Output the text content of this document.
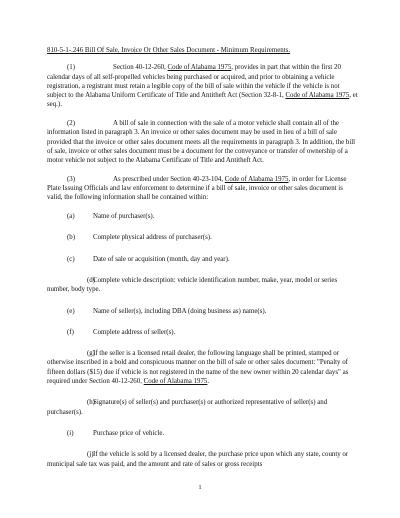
810-5-1-.246 Bill Of Sale, Invoice Or Other Sales Document - Minimum Requirements.
(1)	Section 40-12-260, Code of Alabama 1975, provides in part that within the first 20 calendar days of all self-propelled vehicles being purchased or acquired, and prior to obtaining a vehicle registration, a registrant must retain a legible copy of the bill of sale within the vehicle if the vehicle is not subject to the Alabama Uniform Certificate of Title and Antitheft Act (Section 32-8-1, Code of Alabama 1975, et seq.).
(2)	A bill of sale in connection with the sale of a motor vehicle shall contain all of the information listed in paragraph 3. An invoice or other sales document may be used in lieu of a bill of sale provided that the invoice or other sales document meets all the requirements in paragraph 3. In addition, the bill of sale, invoice or other sales document must be a document for the conveyance or transfer of ownership of a motor vehicle not subject to the Alabama Certificate of Title and Antitheft Act.
(3)	As prescribed under Section 40-23-104, Code of Alabama 1975, in order for License Plate Issuing Officials and law enforcement to determine if a bill of sale, invoice or other sales document is valid, the following information shall be contained within:
(a)	Name of purchaser(s).
(b)	Complete physical address of purchaser(s).
(c)	Date of sale or acquisition (month, day and year).
(d)Complete vehicle description: vehicle identification number, make, year, model or series number, body type.
(e)	Name of seller(s), including DBA (doing business as) name(s).
(f)	Complete address of seller(s).
(g)If the seller is a licensed retail dealer, the following language shall be printed, stamped or otherwise inscribed in a bold and conspicuous manner on the bill of sale or other sales document: "Penalty of fifteen dollars ($15) due if vehicle is not registered in the name of the new owner within 20 calendar days" as required under Section 40-12-260, Code of Alabama 1975.
(h)Signature(s) of seller(s) and purchaser(s) or authorized representative of seller(s) and purchaser(s).
(i)	Purchase price of vehicle.
(j)If the vehicle is sold by a licensed dealer, the purchase price upon which any state, county or municipal sale tax was paid, and the amount and rate of sales or gross receipts
1
